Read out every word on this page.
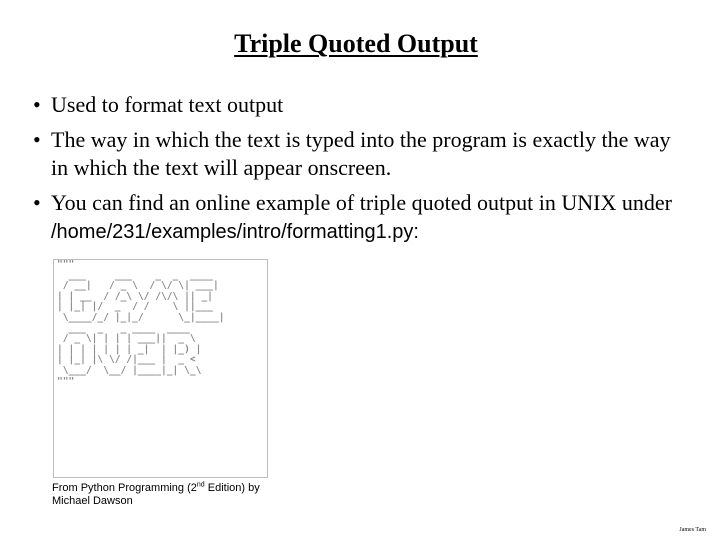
Triple Quoted Output
• Used to format text output
• The way in which the text is typed into the program is exactly the way in which the text will appear onscreen.
• You can find an online example of triple quoted output in UNIX under /home/231/examples/intro/formatting1.py:
"""
___     ___    _  _  ____
/ __|   / _ \  / \/ \| ___|
| | __  / /_\ \/ /\/\ || _|
| |_| |/  _  / /    \ ||___
\____/_/ |_|_/      \_|____|
___  _   _ ____  ____
/ _ \| | | | ___||  _ \
| | | | | | | _|  | |_) |
| |_| |\ \/ /|___ |  _ <
\___/  \__/ |____|_| \_\
"""
From Python Programming (2nd Edition) by
Michael Dawson
James Tam
